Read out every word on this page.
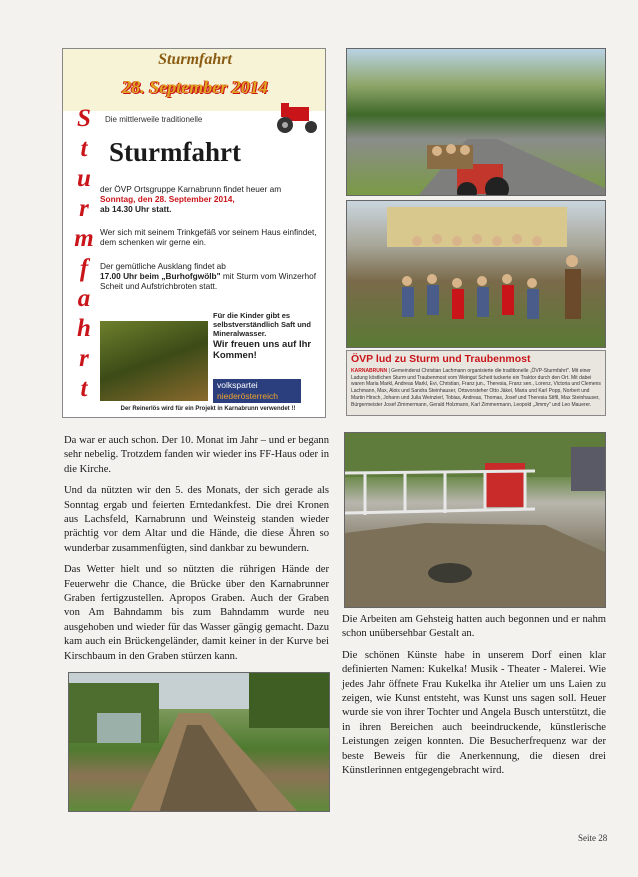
Sturmfahrt
28. September 2014
S
t
u
r
m
f
a
h
r
t
Die mittlerweile traditionelle
Sturmfahrt
der ÖVP Ortsgruppe Karnabrunn findet heuer am Sonntag, den 28. September 2014,
ab 14.30 Uhr statt.
Wer sich mit seinem Trinkgefäß vor seinem Haus einfindet, dem schenken wir gerne ein.
Der gemütliche Ausklang findet ab
17.00 Uhr beim „Burhofgwölb" mit Sturm vom Winzerhof Scheit und Aufstrichbroten statt.
Für die Kinder gibt es selbstverständlich Saft und Mineralwasser.
Wir freuen uns auf Ihr Kommen!
volkspartei
niederösterreich
Der Reinerlös wird für ein Projekt in Karnabrunn verwendet !!
ÖVP lud zu Sturm und Traubenmost
KARNABRUNN | Gemeinderat Christian Lachmann organisierte die traditionelle „ÖVP-Sturmfahrt". Mit einer Ladung köstlichen Sturm und Traubenmost vom Weingut Scheit tuckerte ein Traktor durch den Ort. Mit dabei waren Maria Markl, Andreas Markl, Evi, Christian, Franz jun., Theresia, Franz sen., Lorenz, Victoria und Clemens Lachmann, Max, Alois und Sandra Steinhauser, Ortsvorsteher Otto Jäkel, Maria und Karl Popp, Norbert und Martin Hirsch, Johann und Julia Weinzierl, Tobias, Andreas, Thomas, Josef und Theresia Stiftl, Max Steinhauser, Bürgermeister Josef Zimmermann, Gerald Holzmann, Karl Zimmermann, Leopold „Jimmy" und Leo Mauerer.

Da war er auch schon. Der 10. Monat im Jahr – und er begann sehr nebelig. Trotzdem fanden wir wieder ins FF-Haus oder in die Kirche.

Und da nützten wir den 5. des Monats, der sich gerade als Sonntag ergab und feierten Erntedankfest. Die drei Kronen aus Lachsfeld, Karnabrunn und Weinsteig standen wieder prächtig vor dem Altar und die Hände, die diese Ähren so wunderbar zusammenfügten, sind dankbar zu bewundern.

Das Wetter hielt und so nützten die rührigen Hände der Feuerwehr die Chance, die Brücke über den Karnabrunner Graben fertigzustellen. Apropos Graben. Auch der Graben von Am Bahndamm bis zum Bahndamm wurde neu ausgehoben und wieder für das Wasser gängig gemacht. Dazu kam auch ein Brückengeländer, damit keiner in der Kurve bei Kirschbaum in den Graben stürzen kann.

Die Arbeiten am Gehsteig hatten auch begonnen und er nahm schon unübersehbar Gestalt an.

Die schönen Künste habe in unserem Dorf einen klar definierten Namen: Kukelka! Musik - Theater - Malerei. Wie jedes Jahr öffnete Frau Kukelka ihr Atelier um uns Laien zu zeigen, wie Kunst entsteht, was Kunst uns sagen soll. Heuer wurde sie von ihrer Tochter und Angela Busch unterstützt, die in ihren Bereichen auch beeindruckende, künstlerische Leistungen zeigen konnten. Die Besucherfrequenz war der beste Beweis für die Anerkennung, die diesen drei Künstlerinnen entgegengebracht wird.

Seite 28
